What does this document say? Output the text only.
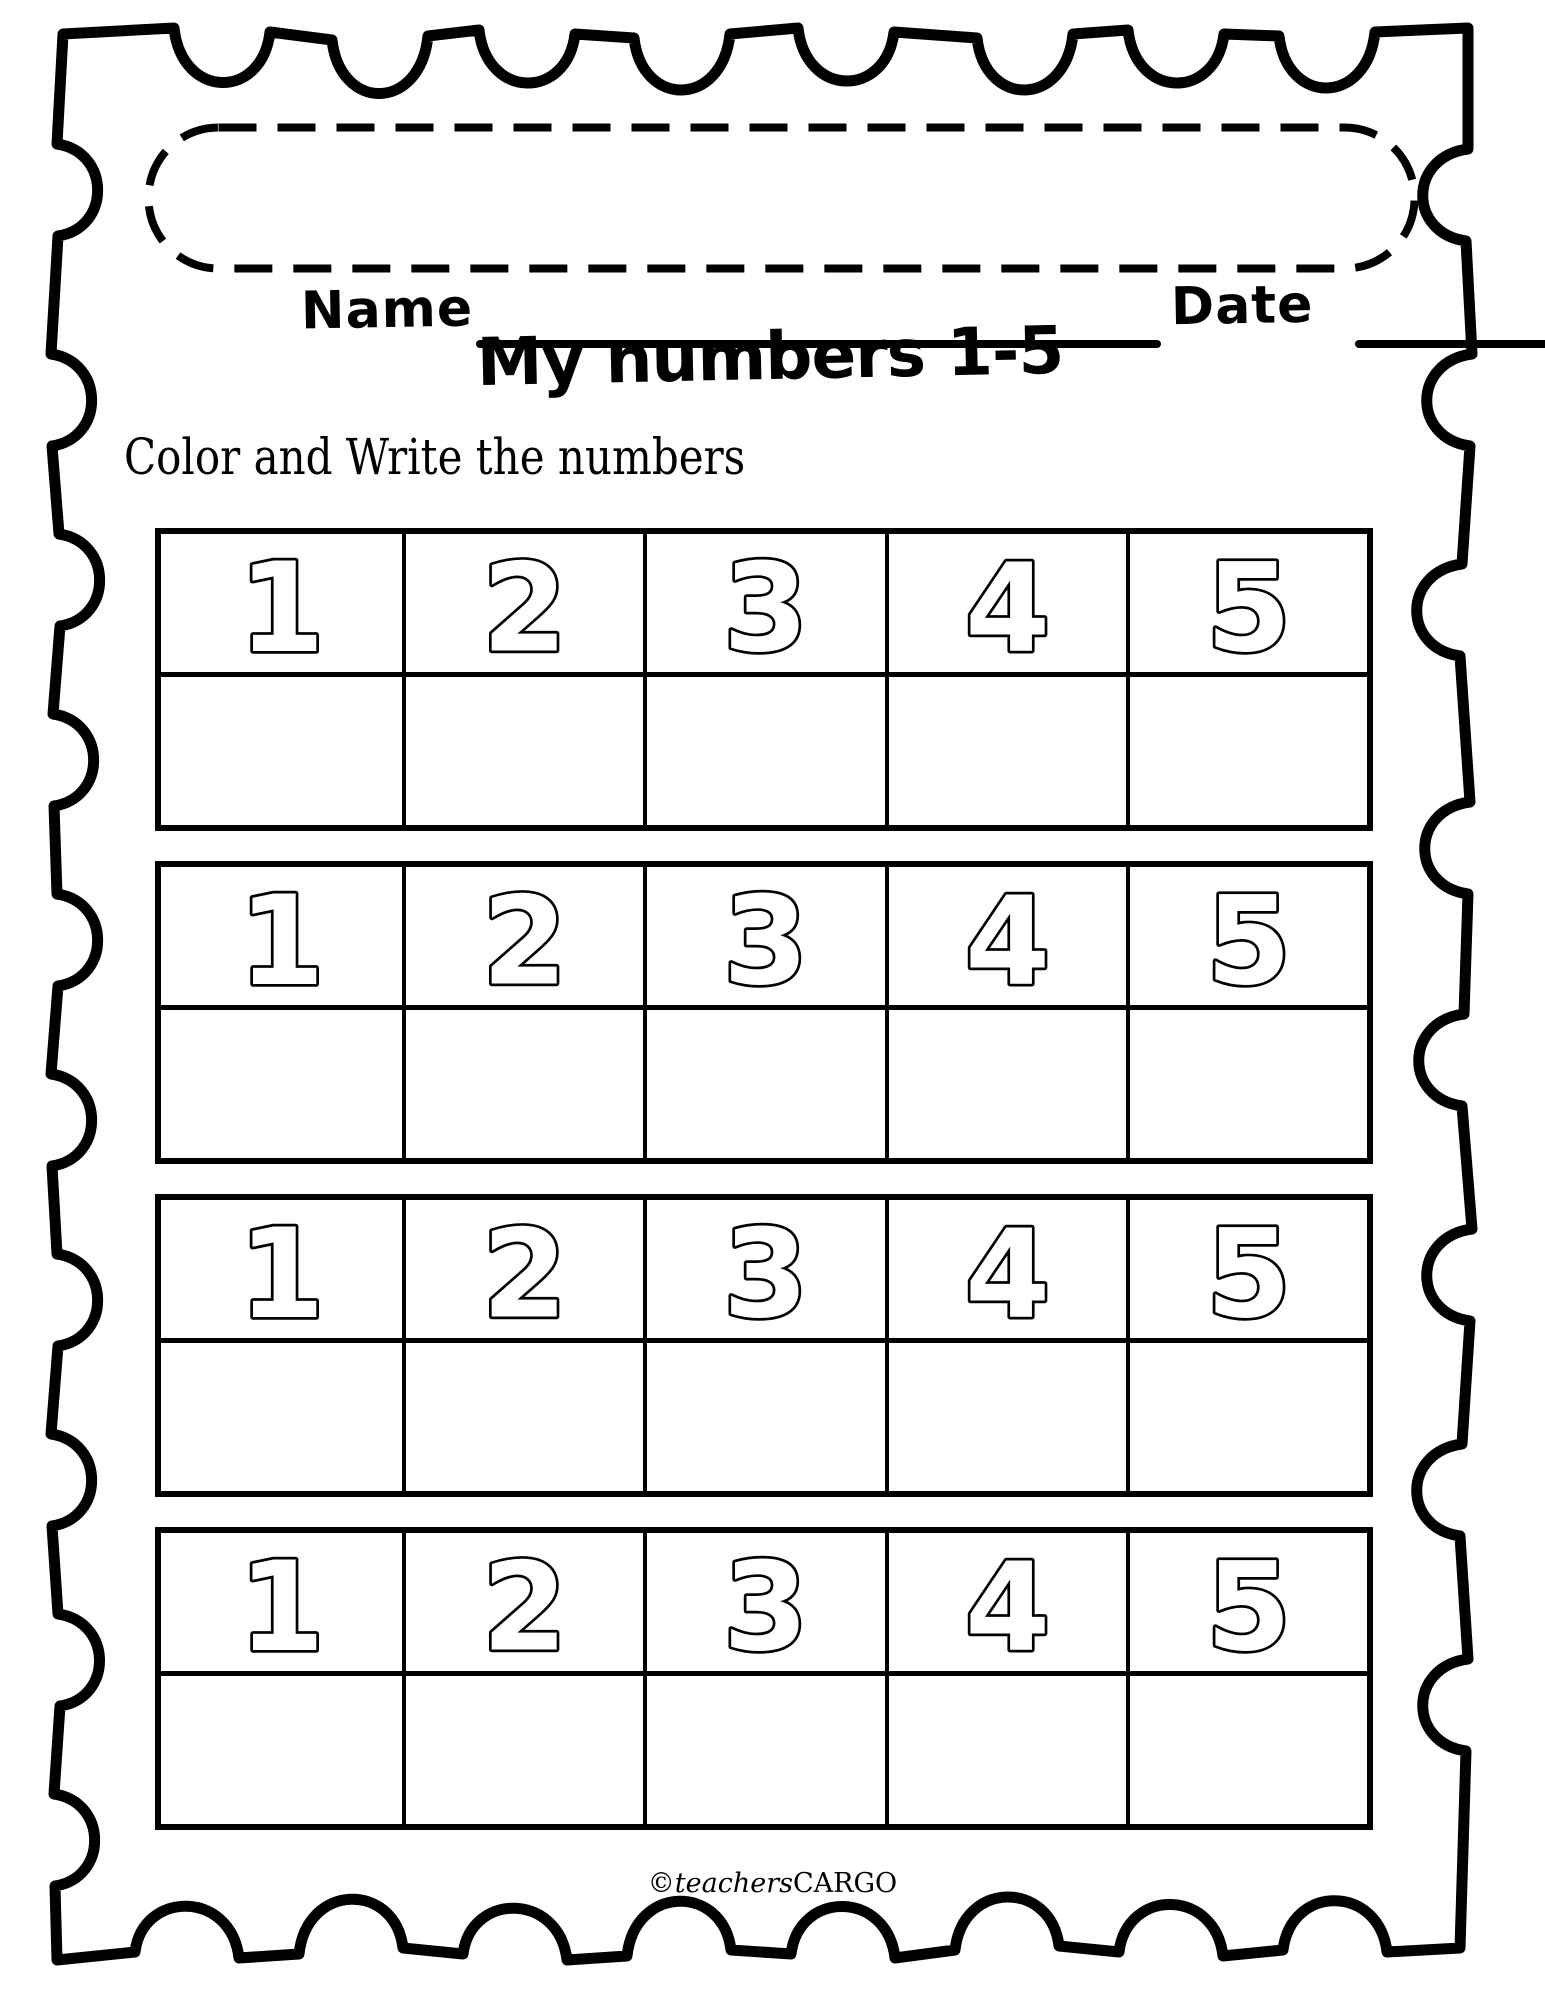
Name	Date
My numbers 1-5
Color and Write the numbers
1 2 3 4 5
1 2 3 4 5
1 2 3 4 5
1 2 3 4 5
©teachersCARGO
